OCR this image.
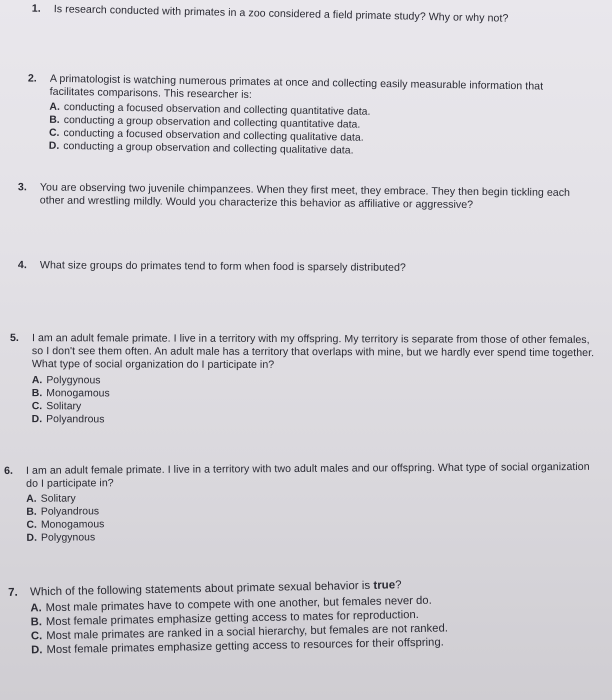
1.	Is research conducted with primates in a zoo considered a field primate study? Why or why not?
2.	A primatologist is watching numerous primates at once and collecting easily measurable information that facilitates comparisons. This researcher is:
A. conducting a focused observation and collecting quantitative data.
B. conducting a group observation and collecting quantitative data.
C. conducting a focused observation and collecting qualitative data.
D. conducting a group observation and collecting qualitative data.
3.	You are observing two juvenile chimpanzees. When they first meet, they embrace. They then begin tickling each other and wrestling mildly. Would you characterize this behavior as affiliative or aggressive?
4.	What size groups do primates tend to form when food is sparsely distributed?
5.	I am an adult female primate. I live in a territory with my offspring. My territory is separate from those of other females, so I don't see them often. An adult male has a territory that overlaps with mine, but we hardly ever spend time together. What type of social organization do I participate in?
A. Polygynous
B. Monogamous
C. Solitary
D. Polyandrous
6.	I am an adult female primate. I live in a territory with two adult males and our offspring. What type of social organization do I participate in?
A. Solitary
B. Polyandrous
C. Monogamous
D. Polygynous
7.	Which of the following statements about primate sexual behavior is true?
A. Most male primates have to compete with one another, but females never do.
B. Most female primates emphasize getting access to mates for reproduction.
C. Most male primates are ranked in a social hierarchy, but females are not ranked.
D. Most female primates emphasize getting access to resources for their offspring.
